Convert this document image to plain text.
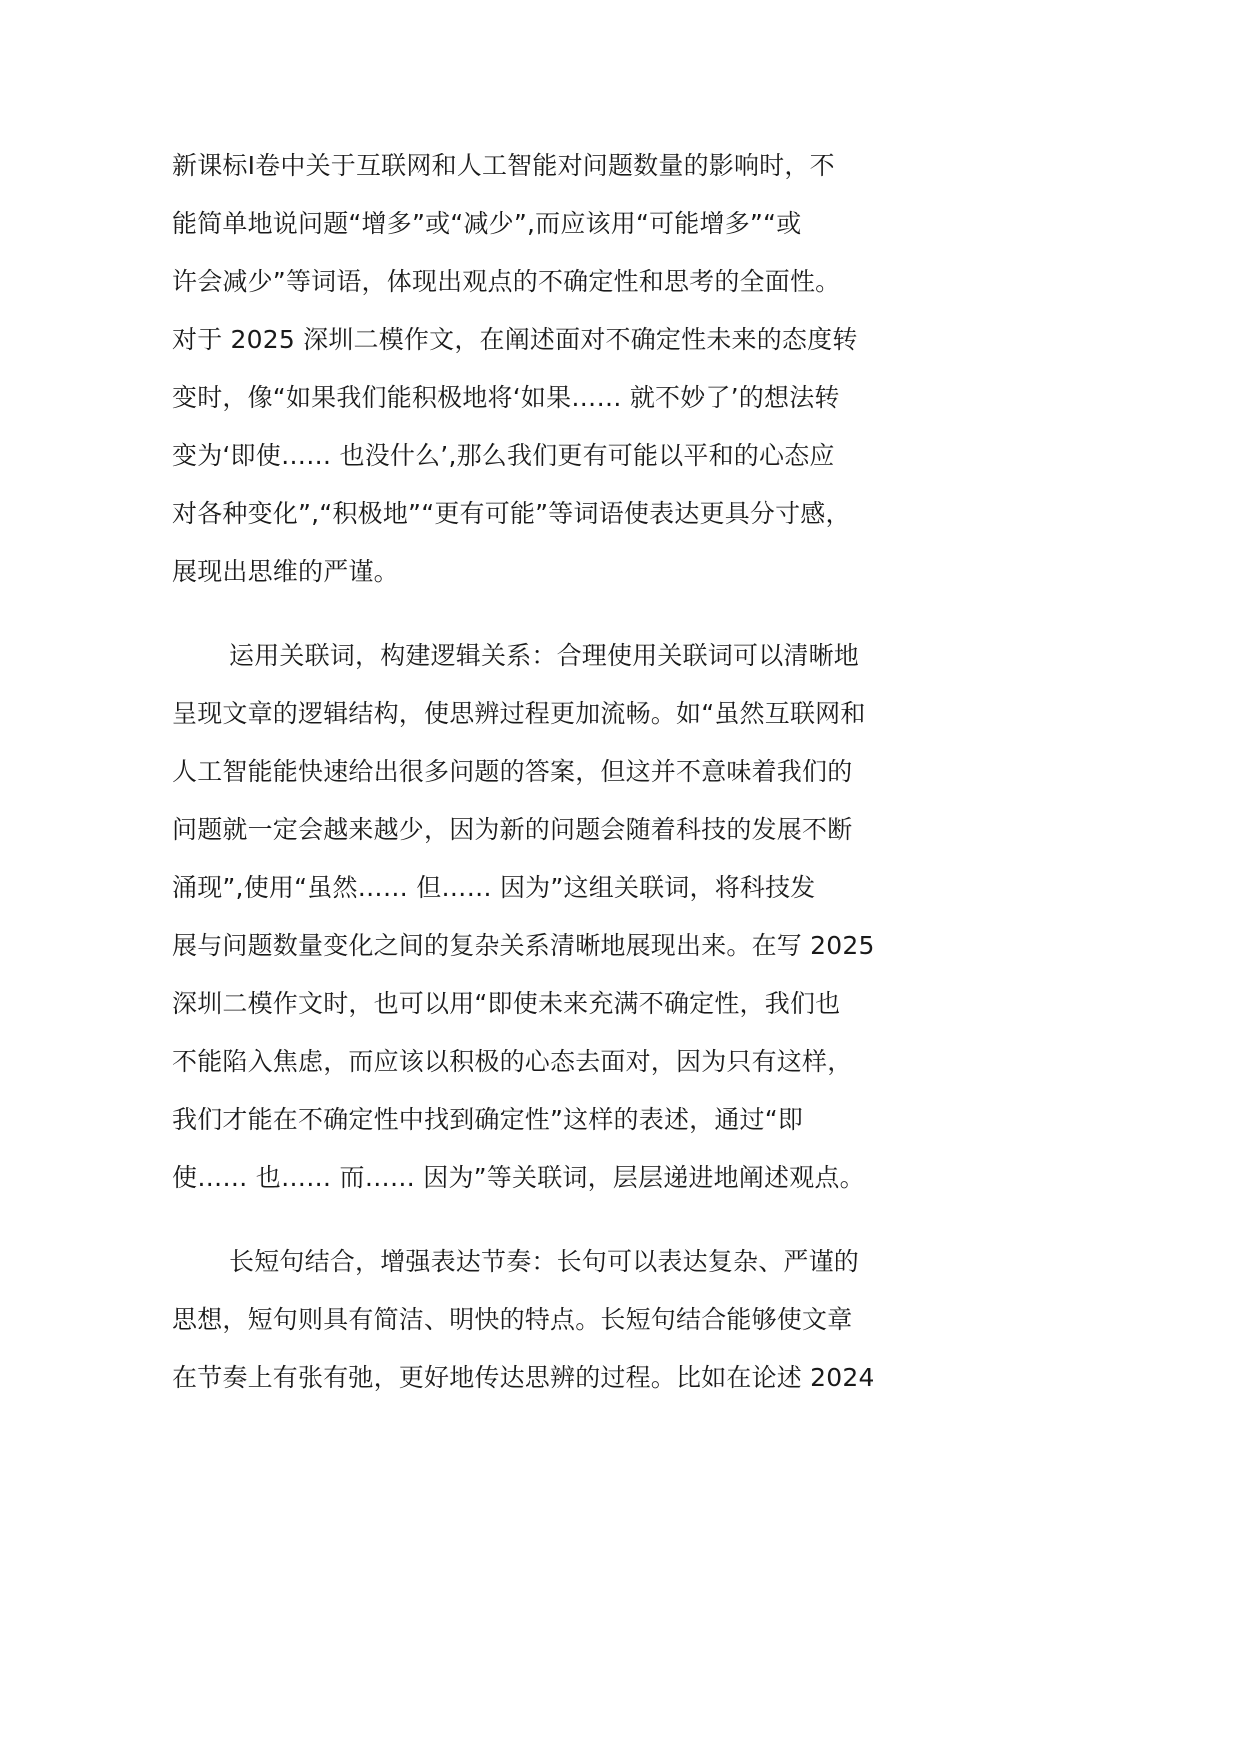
新课标Ⅰ卷中关于互联网和人工智能对问题数量的影响时，不
能简单地说问题“增多”或“减少”,而应该用“可能增多”“或
许会减少”等词语，体现出观点的不确定性和思考的全面性。
对于 2025 深圳二模作文，在阐述面对不确定性未来的态度转
变时，像“如果我们能积极地将‘如果…… 就不妙了’的想法转
变为‘即使…… 也没什么’,那么我们更有可能以平和的心态应
对各种变化”,“积极地”“更有可能”等词语使表达更具分寸感，
展现出思维的严谨。
运用关联词，构建逻辑关系：合理使用关联词可以清晰地
呈现文章的逻辑结构，使思辨过程更加流畅。如“虽然互联网和
人工智能能快速给出很多问题的答案，但这并不意味着我们的
问题就一定会越来越少，因为新的问题会随着科技的发展不断
涌现”,使用“虽然…… 但…… 因为”这组关联词，将科技发
展与问题数量变化之间的复杂关系清晰地展现出来。在写 2025
深圳二模作文时，也可以用“即使未来充满不确定性，我们也
不能陷入焦虑，而应该以积极的心态去面对，因为只有这样，
我们才能在不确定性中找到确定性”这样的表述，通过“即
使…… 也…… 而…… 因为”等关联词，层层递进地阐述观点。
长短句结合，增强表达节奏：长句可以表达复杂、严谨的
思想，短句则具有简洁、明快的特点。长短句结合能够使文章
在节奏上有张有弛，更好地传达思辨的过程。比如在论述 2024
